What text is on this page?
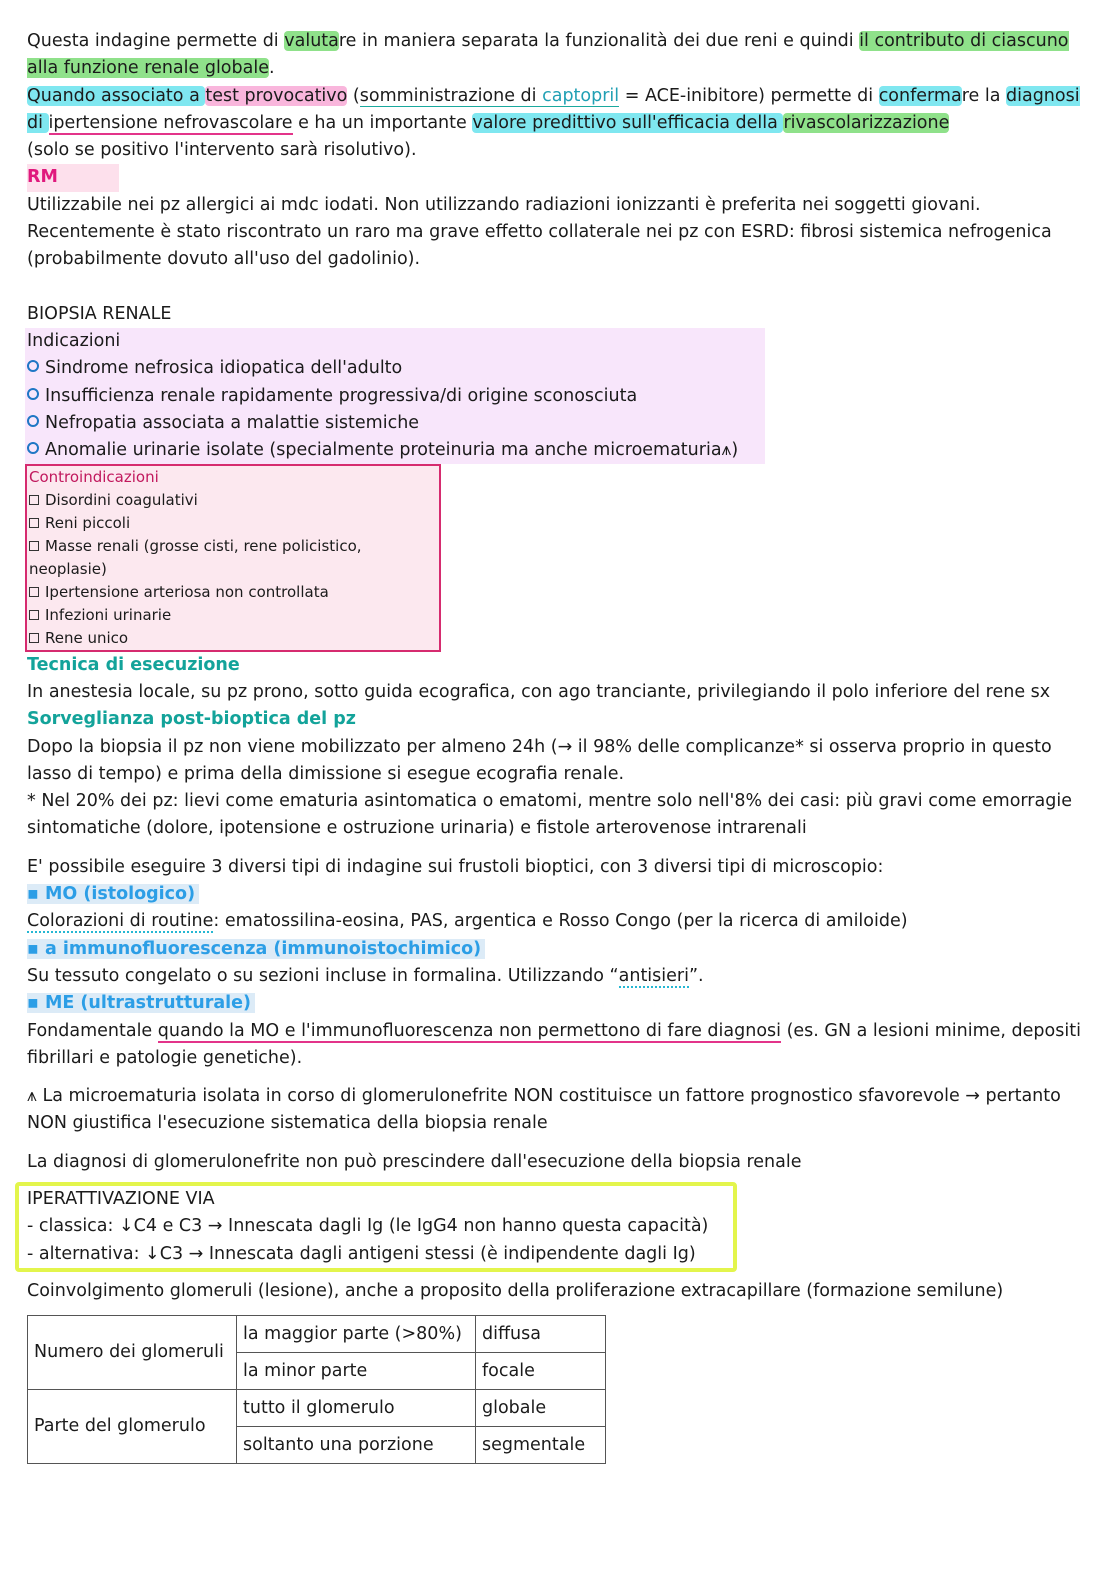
Questa indagine permette di valutare in maniera separata la funzionalità dei due reni e quindi il contributo di ciascuno alla funzione renale globale.

Quando associato a test provocativo (somministrazione di captopril = ACE-inibitore) permette di confermare la diagnosi di ipertensione nefrovascolare e ha un importante valore predittivo sull'efficacia della rivascolarizzazione

(solo se positivo l'intervento sarà risolutivo).

RM

Utilizzabile nei pz allergici ai mdc iodati. Non utilizzando radiazioni ionizzanti è preferita nei soggetti giovani.

Recentemente è stato riscontrato un raro ma grave effetto collaterale nei pz con ESRD: fibrosi sistemica nefrogenica (probabilmente dovuto all'uso del gadolinio).

BIOPSIA RENALE

Indicazioni

Sindrome nefrosica idiopatica dell'adulto

Insufficienza renale rapidamente progressiva/di origine sconosciuta

Nefropatia associata a malattie sistemiche

Anomalie urinarie isolate (specialmente proteinuria ma anche microematuria⩚)

Controindicazioni
Disordini coagulativi
Reni piccoli
Masse renali (grosse cisti, rene policistico, neoplasie)
Ipertensione arteriosa non controllata
Infezioni urinarie
Rene unico

Tecnica di esecuzione

In anestesia locale, su pz prono, sotto guida ecografica, con ago tranciante, privilegiando il polo inferiore del rene sx

Sorveglianza post-bioptica del pz

Dopo la biopsia il pz non viene mobilizzato per almeno 24h (→ il 98% delle complicanze* si osserva proprio in questo lasso di tempo) e prima della dimissione si esegue ecografia renale.

* Nel 20% dei pz: lievi come ematuria asintomatica o ematomi, mentre solo nell'8% dei casi: più gravi come emorragie sintomatiche (dolore, ipotensione e ostruzione urinaria) e fistole arterovenose intrarenali

E' possibile eseguire 3 diversi tipi di indagine sui frustoli bioptici, con 3 diversi tipi di microscopio:

▪ MO (istologico)

Colorazioni di routine: ematossilina-eosina, PAS, argentica e Rosso Congo (per la ricerca di amiloide)

▪ a immunofluorescenza (immunoistochimico)

Su tessuto congelato o su sezioni incluse in formalina. Utilizzando “antisieri”.

▪ ME (ultrastrutturale)

Fondamentale quando la MO e l'immunofluorescenza non permettono di fare diagnosi (es. GN a lesioni minime, depositi fibrillari e patologie genetiche).

⩚ La microematuria isolata in corso di glomerulonefrite NON costituisce un fattore prognostico sfavorevole → pertanto NON giustifica l'esecuzione sistematica della biopsia renale

La diagnosi di glomerulonefrite non può prescindere dall'esecuzione della biopsia renale

IPERATTIVAZIONE VIA

- classica: ↓C4 e C3 → Innescata dagli Ig (le IgG4 non hanno questa capacità)

- alternativa: ↓C3 → Innescata dagli antigeni stessi (è indipendente dagli Ig)

Coinvolgimento glomeruli (lesione), anche a proposito della proliferazione extracapillare (formazione semilune)

Numero dei glomeruli	la maggior parte (>80%)	diffusa
	la minor parte	focale
Parte del glomerulo	tutto il glomerulo	globale
	soltanto una porzione	segmentale
